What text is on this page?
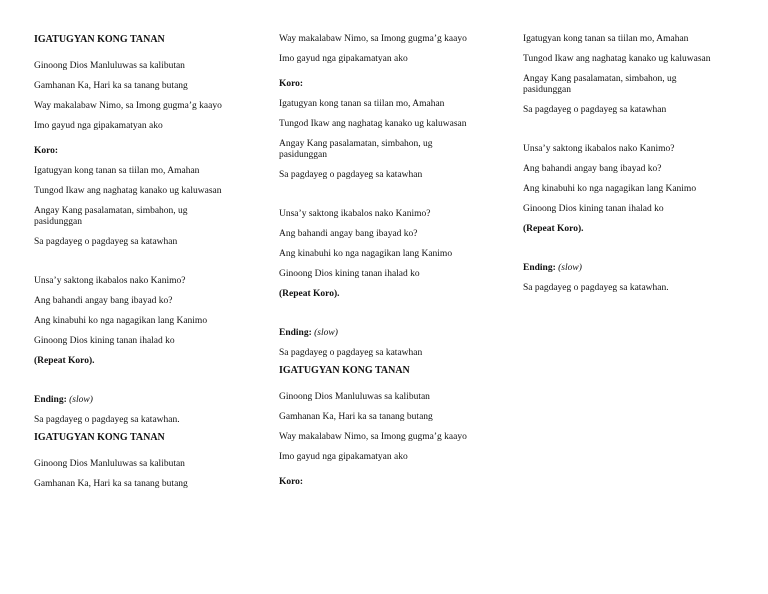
IGATUGYAN KONG TANAN
Ginoong Dios Manluluwas sa kalibutan
Gamhanan Ka, Hari ka sa tanang butang
Way makalabaw Nimo, sa Imong gugma’g kaayo
Imo gayud nga gipakamatyan ako
Koro:
Igatugyan kong tanan sa tiilan mo, Amahan
Tungod Ikaw ang naghatag kanako ug kaluwasan
Angay Kang pasalamatan, simbahon, ug pasidunggan
Sa pagdayeg o pagdayeg sa katawhan
Unsa’y saktong ikabalos nako Kanimo?
Ang bahandi angay bang ibayad ko?
Ang kinabuhi ko nga nagagikan lang Kanimo
Ginoong Dios kining tanan ihalad ko
(Repeat Koro).
Ending: (slow)
Sa pagdayeg o pagdayeg sa katawhan.
IGATUGYAN KONG TANAN
Ginoong Dios Manluluwas sa kalibutan
Gamhanan Ka, Hari ka sa tanang butang
Way makalabaw Nimo, sa Imong gugma’g kaayo
Imo gayud nga gipakamatyan ako
Koro:
Igatugyan kong tanan sa tiilan mo, Amahan
Tungod Ikaw ang naghatag kanako ug kaluwasan
Angay Kang pasalamatan, simbahon, ug pasidunggan
Sa pagdayeg o pagdayeg sa katawhan
Unsa’y saktong ikabalos nako Kanimo?
Ang bahandi angay bang ibayad ko?
Ang kinabuhi ko nga nagagikan lang Kanimo
Ginoong Dios kining tanan ihalad ko
(Repeat Koro).
Ending: (slow)
Sa pagdayeg o pagdayeg sa katawhan
IGATUGYAN KONG TANAN
Ginoong Dios Manluluwas sa kalibutan
Gamhanan Ka, Hari ka sa tanang butang
Way makalabaw Nimo, sa Imong gugma’g kaayo
Imo gayud nga gipakamatyan ako
Koro:
Igatugyan kong tanan sa tiilan mo, Amahan
Tungod Ikaw ang naghatag kanako ug kaluwasan
Angay Kang pasalamatan, simbahon, ug pasidunggan
Sa pagdayeg o pagdayeg sa katawhan
Unsa’y saktong ikabalos nako Kanimo?
Ang bahandi angay bang ibayad ko?
Ang kinabuhi ko nga nagagikan lang Kanimo
Ginoong Dios kining tanan ihalad ko
(Repeat Koro).
Ending: (slow)
Sa pagdayeg o pagdayeg sa katawhan.
